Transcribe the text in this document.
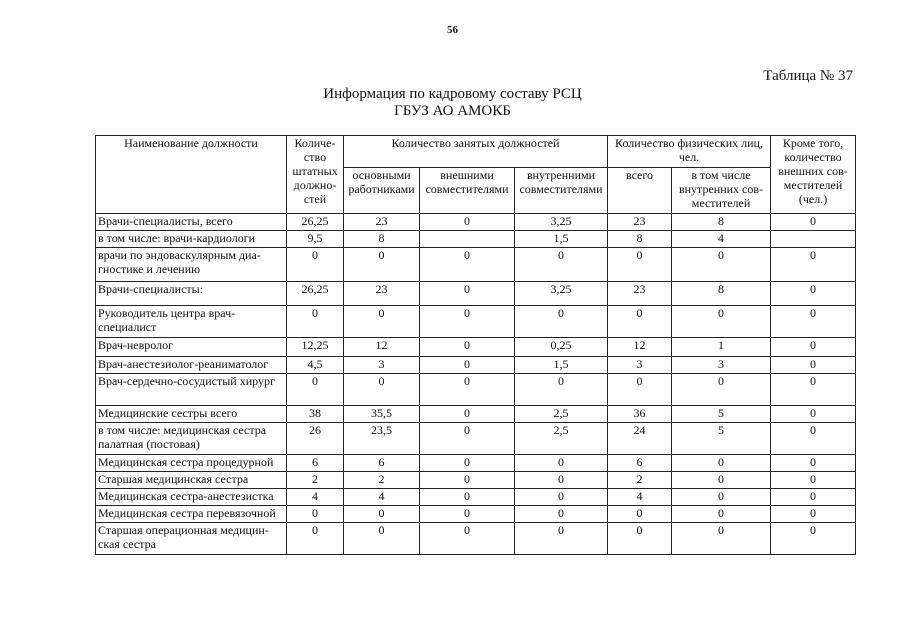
56
Таблица № 37
Информация по кадровому составу РСЦ
ГБУЗ АО АМОКБ
Наименование должности	Количе-ство штатных должно-стей	Количество занятых должностей			Количество физических лиц, чел.		Кроме того, количество внешних сов-местителей (чел.)
		основными работниками	внешними совместителями	внутренними совместителями	всего	в том числе внутренних сов-местителей	
Врачи-специалисты, всего	26,25	23	0	3,25	23	8	0
в том числе: врачи-кардиологи	9,5	8		1,5	8	4	
врачи по эндоваскулярным диа-гностике и лечению	0	0	0	0	0	0	0
Врачи-специалисты:	26,25	23	0	3,25	23	8	0
Руководитель центра врач-специалист	0	0	0	0	0	0	0
Врач-невролог	12,25	12	0	0,25	12	1	0
Врач-анестезиолог-реаниматолог	4,5	3	0	1,5	3	3	0
Врач-сердечно-сосудистый хирург	0	0	0	0	0	0	0
Медицинские сестры всего	38	35,5	0	2,5	36	5	0
в том числе: медицинская сестра палатная (постовая)	26	23,5	0	2,5	24	5	0
Медицинская сестра процедурной	6	6	0	0	6	0	0
Старшая медицинская сестра	2	2	0	0	2	0	0
Медицинская сестра-анестезистка	4	4	0	0	4	0	0
Медицинская сестра перевязочной	0	0	0	0	0	0	0
Старшая операционная медицин-ская сестра	0	0	0	0	0	0	0
